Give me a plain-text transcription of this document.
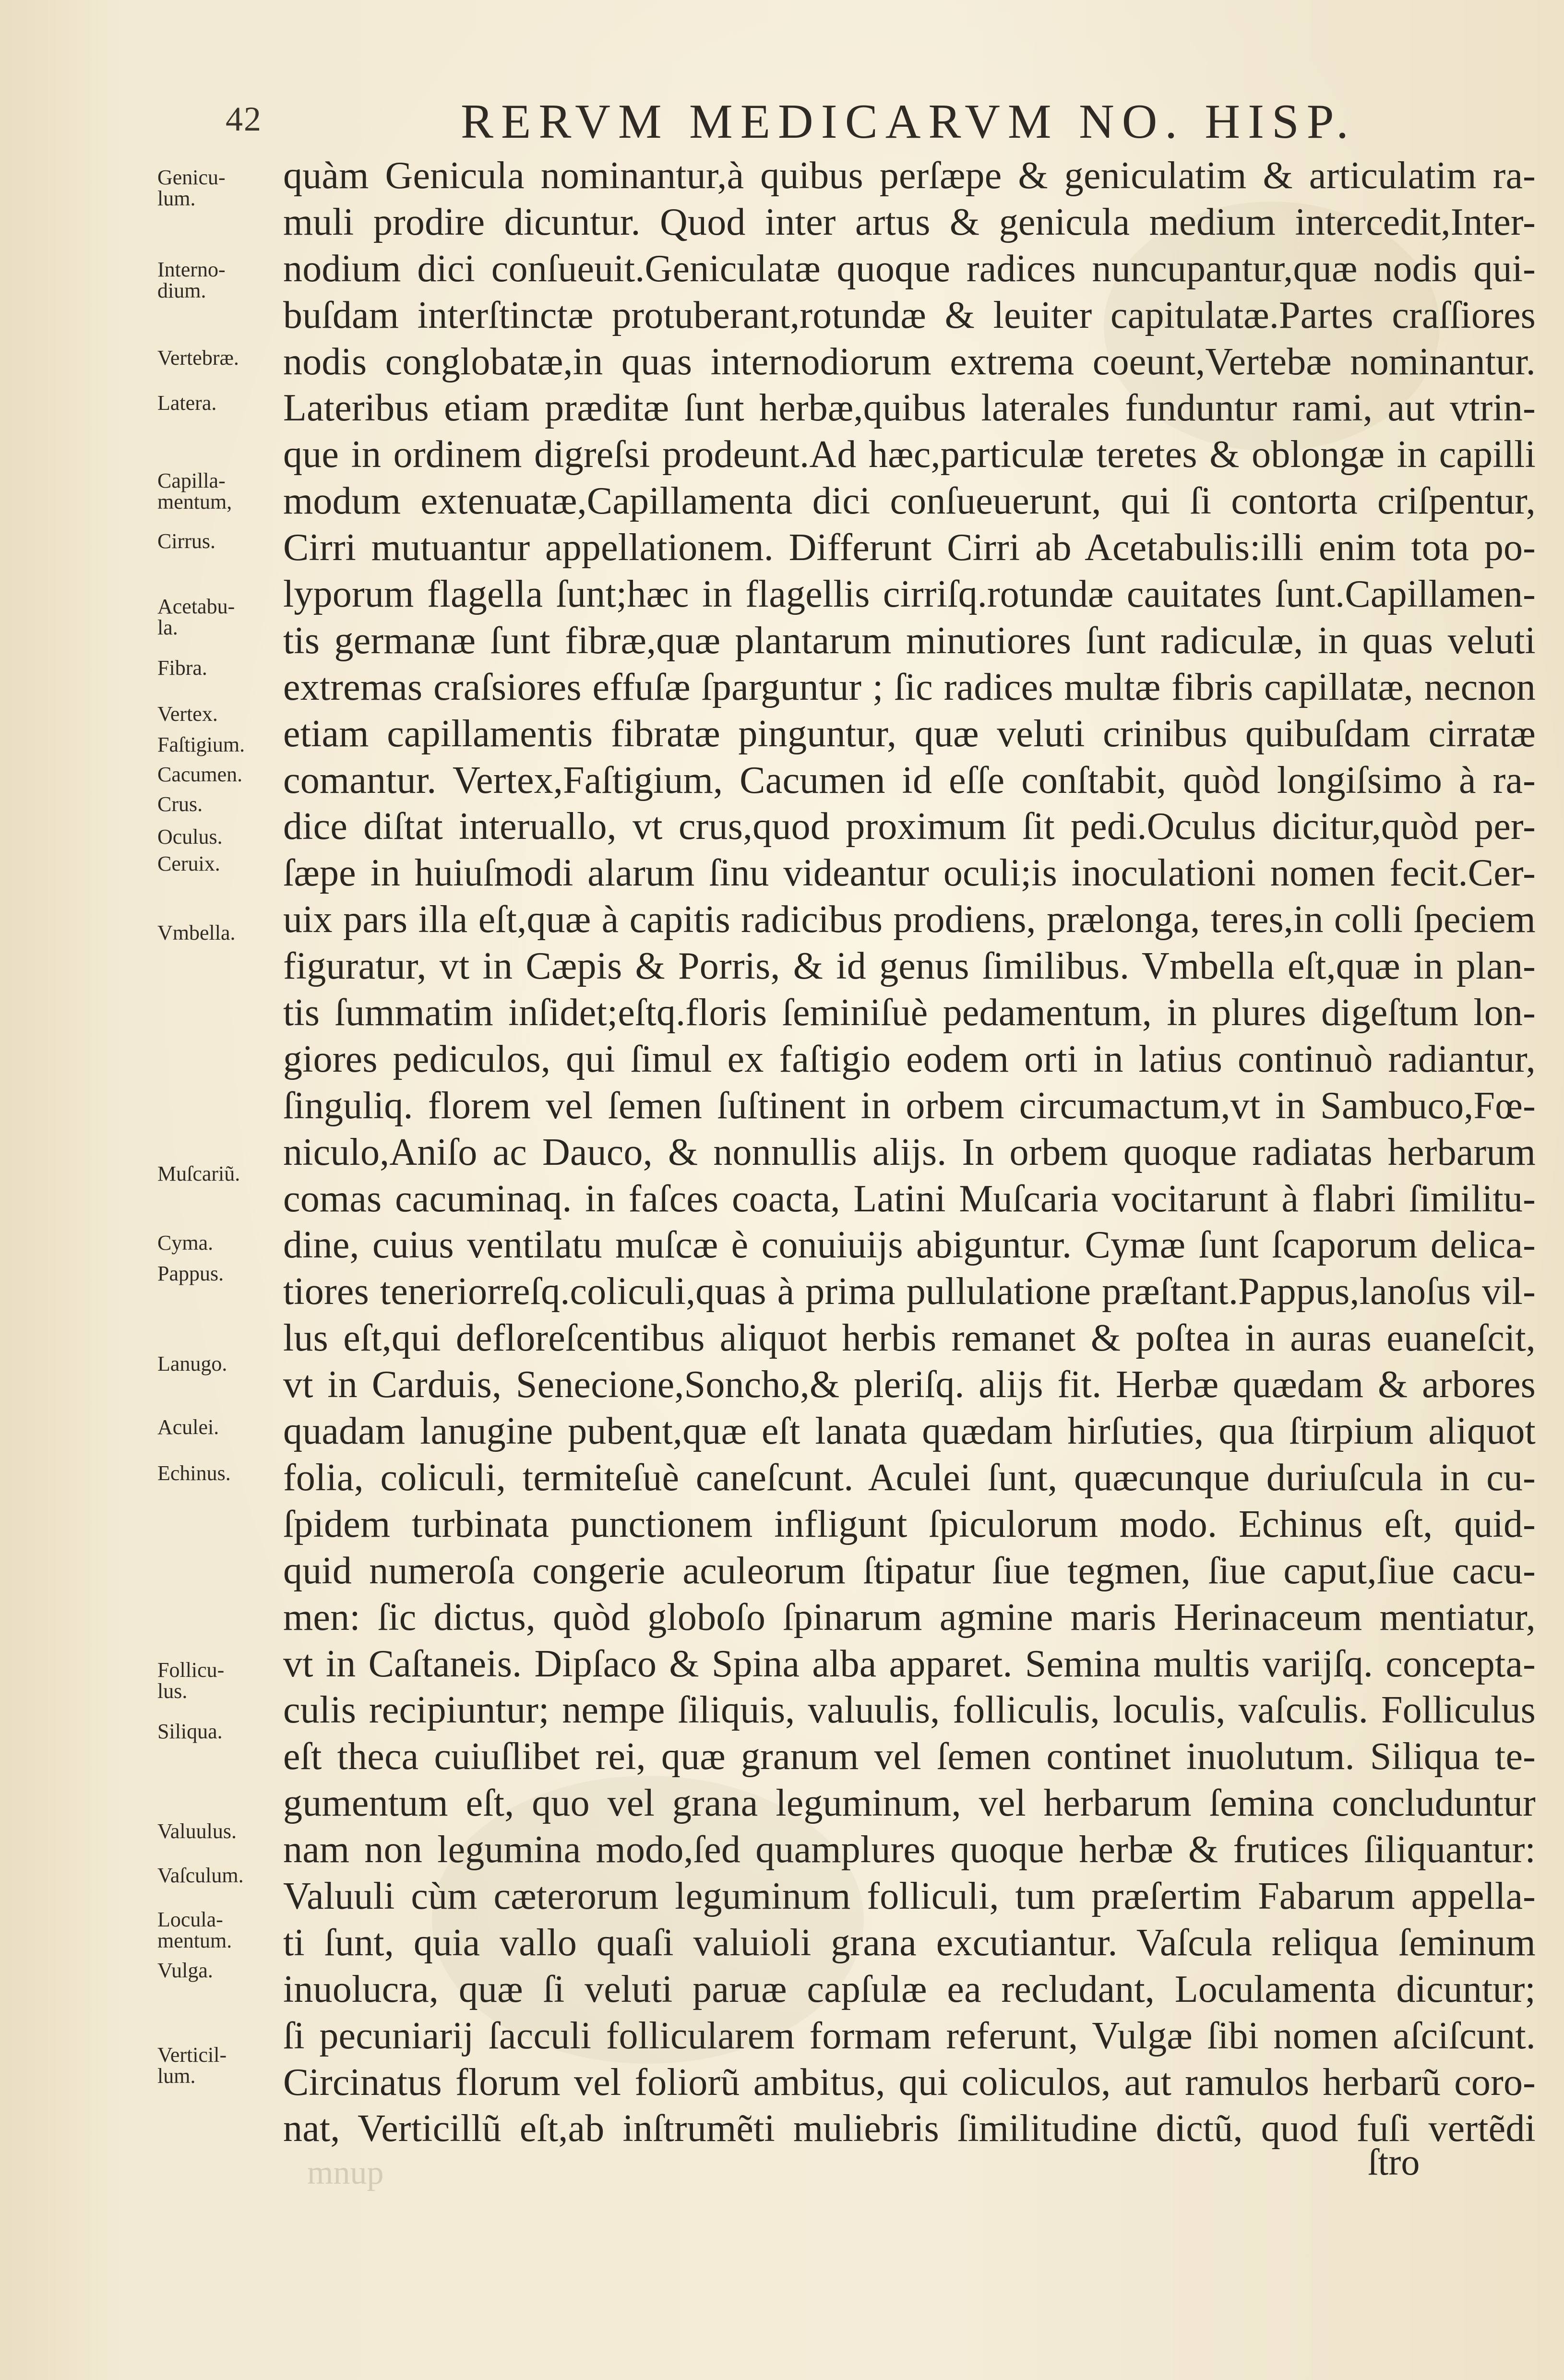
42	RERVM MEDICARVM NO. HISP.
Genicu-
lum.
Interno-
dium.
Vertebræ.
Latera.
Capilla-
mentum,
Cirrus.
Acetabu-
la.
Fibra.
Vertex.
Faſtigium.
Cacumen.
Crus.
Oculus.
Ceruix.
Vmbella.
Muſcariũ.
Cyma.
Pappus.
Lanugo.
Aculei.
Echinus.
Follicu-
lus.
Siliqua.
Valuulus.
Vaſculum.
Locula-
mentum.
Vulga.
Verticil-
lum.
quàm Genicula nominantur,à quibus perſæpe & geniculatim & articulatim ra-
muli prodire dicuntur. Quod inter artus & genicula medium intercedit,Inter-
nodium dici conſueuit.Geniculatæ quoque radices nuncupantur,quæ nodis qui-
buſdam interſtinctæ protuberant,rotundæ & leuiter capitulatæ.Partes craſſiores
nodis conglobatæ,in quas internodiorum extrema coeunt,Vertebæ nominantur.
Lateribus etiam præditæ ſunt herbæ,quibus laterales funduntur rami, aut vtrin-
que in ordinem digreſsi prodeunt.Ad hæc,particulæ teretes & oblongæ in capilli
modum extenuatæ,Capillamenta dici conſueuerunt, qui ſi contorta criſpentur,
Cirri mutuantur appellationem. Differunt Cirri ab Acetabulis:illi enim tota po-
lyporum flagella ſunt;hæc in flagellis cirriſq.rotundæ cauitates ſunt.Capillamen-
tis germanæ ſunt fibræ,quæ plantarum minutiores ſunt radiculæ, in quas veluti
extremas craſsiores effuſæ ſparguntur ; ſic radices multæ fibris capillatæ, necnon
etiam capillamentis fibratæ pinguntur, quæ veluti crinibus quibuſdam cirratæ
comantur. Vertex,Faſtigium, Cacumen id eſſe conſtabit, quòd longiſsimo à ra-
dice diſtat interuallo, vt crus,quod proximum ſit pedi.Oculus dicitur,quòd per-
ſæpe in huiuſmodi alarum ſinu videantur oculi;is inoculationi nomen fecit.Cer-
uix pars illa eſt,quæ à capitis radicibus prodiens, prælonga, teres,in colli ſpeciem
figuratur, vt in Cæpis & Porris, & id genus ſimilibus. Vmbella eſt,quæ in plan-
tis ſummatim inſidet;eſtq.floris ſeminiſuè pedamentum, in plures digeſtum lon-
giores pediculos, qui ſimul ex faſtigio eodem orti in latius continuò radiantur,
ſinguliq. florem vel ſemen ſuſtinent in orbem circumactum,vt in Sambuco,Fœ-
niculo,Aniſo ac Dauco, & nonnullis alijs. In orbem quoque radiatas herbarum
comas cacuminaq. in faſces coacta, Latini Muſcaria vocitarunt à flabri ſimilitu-
dine, cuius ventilatu muſcæ è conuiuijs abiguntur. Cymæ ſunt ſcaporum delica-
tiores teneriorreſq.coliculi,quas à prima pullulatione præſtant.Pappus,lanoſus vil-
lus eſt,qui defloreſcentibus aliquot herbis remanet & poſtea in auras euaneſcit,
vt in Carduis, Senecione,Soncho,& pleriſq. alijs fit. Herbæ quædam & arbores
quadam lanugine pubent,quæ eſt lanata quædam hirſuties, qua ſtirpium aliquot
folia, coliculi, termiteſuè caneſcunt. Aculei ſunt, quæcunque duriuſcula in cu-
ſpidem turbinata punctionem infligunt ſpiculorum modo. Echinus eſt, quid-
quid numeroſa congerie aculeorum ſtipatur ſiue tegmen, ſiue caput,ſiue cacu-
men: ſic dictus, quòd globoſo ſpinarum agmine maris Herinaceum mentiatur,
vt in Caſtaneis. Dipſaco & Spina alba apparet. Semina multis varijſq. concepta-
culis recipiuntur; nempe ſiliquis, valuulis, folliculis, loculis, vaſculis. Folliculus
eſt theca cuiuſlibet rei, quæ granum vel ſemen continet inuolutum. Siliqua te-
gumentum eſt, quo vel grana leguminum, vel herbarum ſemina concluduntur
nam non legumina modo,ſed quamplures quoque herbæ & frutices ſiliquantur:
Valuuli cùm cæterorum leguminum folliculi, tum præſertim Fabarum appella-
ti ſunt, quia vallo quaſi valuioli grana excutiantur. Vaſcula reliqua ſeminum
inuolucra, quæ ſi veluti paruæ capſulæ ea recludant, Loculamenta dicuntur;
ſi pecuniarij ſacculi follicularem formam referunt, Vulgæ ſibi nomen aſciſcunt.
Circinatus florum vel foliorũ ambitus, qui coliculos, aut ramulos herbarũ coro-
nat, Verticillũ eſt,ab inſtrumẽti muliebris ſimilitudine dictũ, quod fuſi vertẽdi
ſtro
mnup
